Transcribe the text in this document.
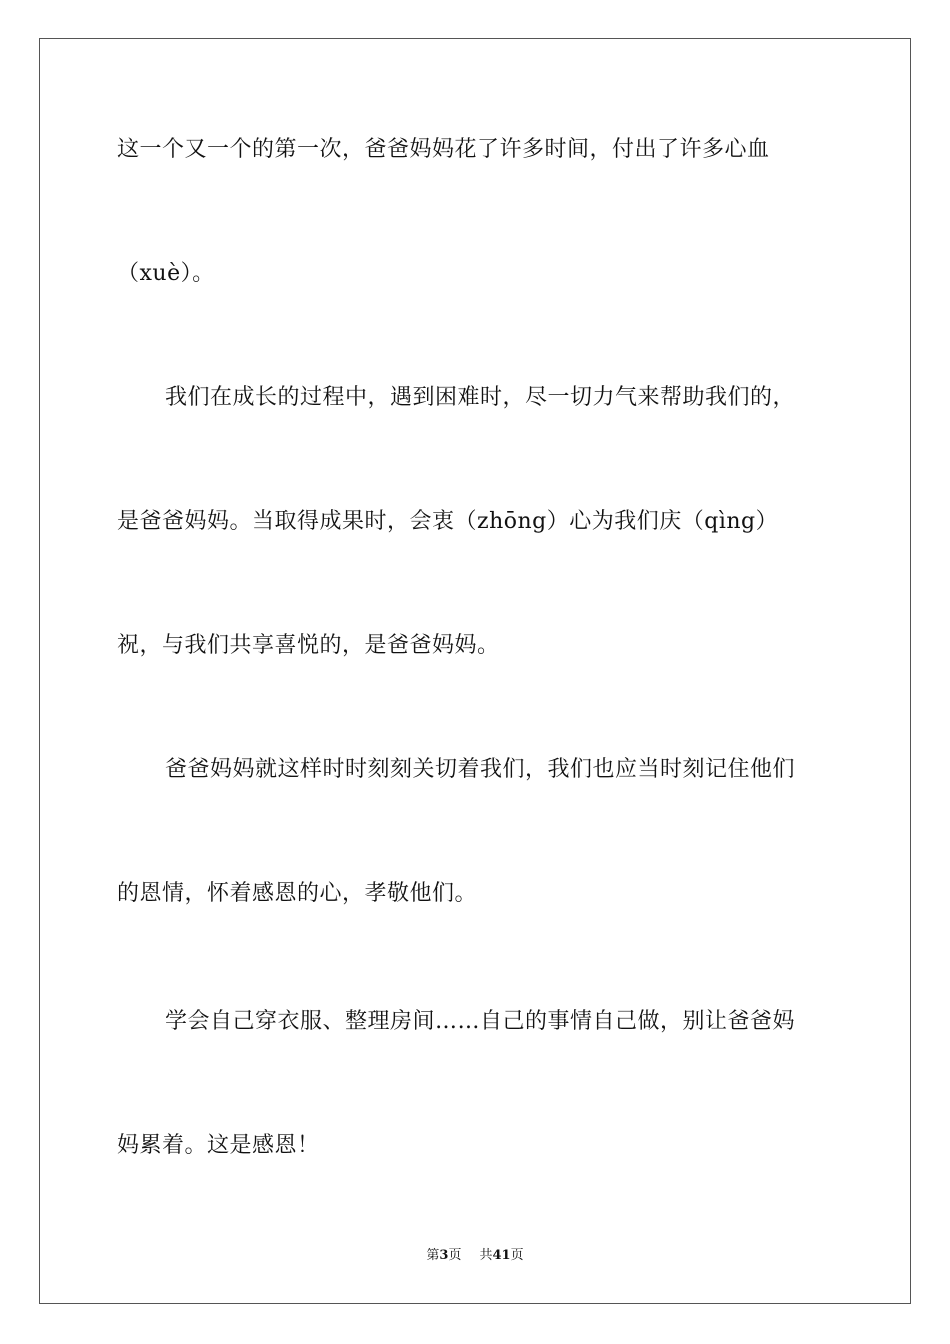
这一个又一个的第一次，爸爸妈妈花了许多时间，付出了许多心血
（xuè）。
我们在成长的过程中，遇到困难时，尽一切力气来帮助我们的，
是爸爸妈妈。当取得成果时，会衷（zhōng）心为我们庆（qìng）
祝，与我们共享喜悦的，是爸爸妈妈。
爸爸妈妈就这样时时刻刻关切着我们，我们也应当时刻记住他们
的恩情，怀着感恩的心，孝敬他们。
学会自己穿衣服、整理房间……自己的事情自己做，别让爸爸妈
妈累着。这是感恩！
第3页 共41页
